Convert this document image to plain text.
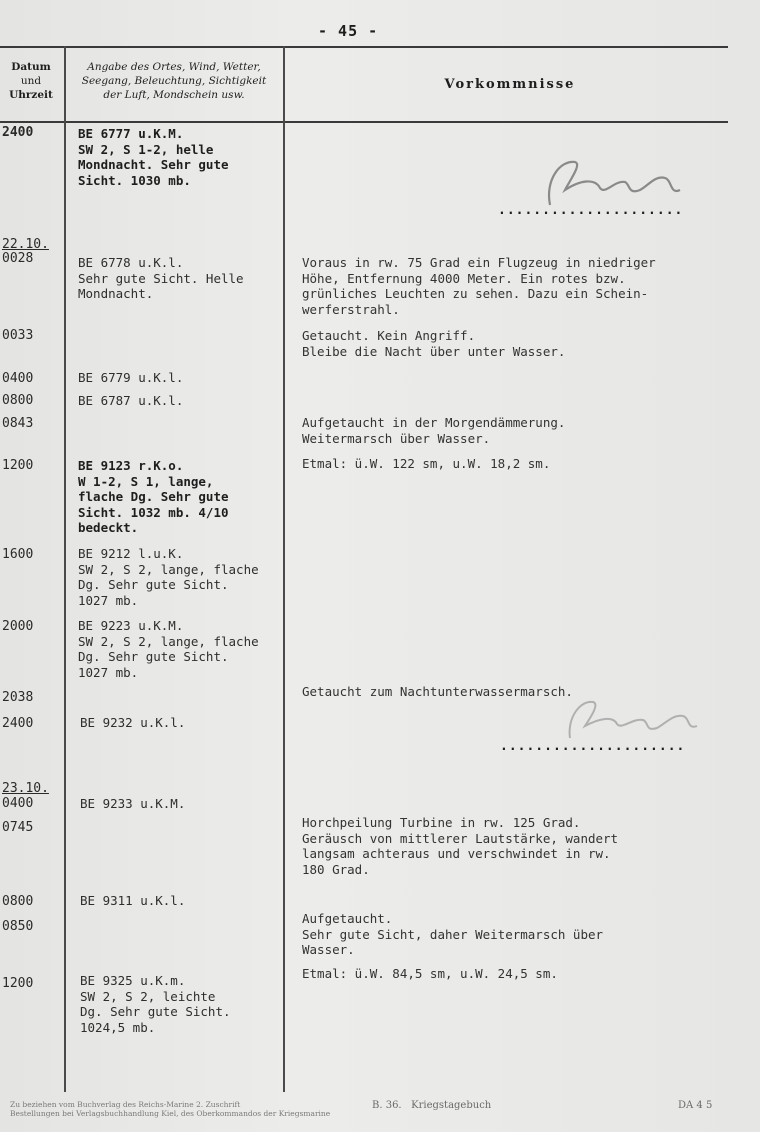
- 45 -
Datum
und
Uhrzeit
Angabe des Ortes, Wind, Wetter,
Seegang, Beleuchtung, Sichtigkeit
der Luft, Mondschein usw.
Vorkommnisse
22.10.
23.10.
2400
0028
0033
0400
0800
0843
1200
1600
2000
2038
2400
0400
0745
0800
0850
1200
BE 6777 u.K.M.
SW 2, S 1-2, helle
Mondnacht. Sehr gute
Sicht. 1030 mb.
BE 6778 u.K.l.
Sehr gute Sicht. Helle
Mondnacht.
BE 6779 u.K.l.
BE 6787 u.K.l.
BE 9123 r.K.o.
W 1-2, S 1, lange,
flache Dg. Sehr gute
Sicht. 1032 mb. 4/10
bedeckt.
BE 9212 l.u.K.
SW 2, S 2, lange, flache
Dg. Sehr gute Sicht.
1027 mb.
BE 9223 u.K.M.
SW 2, S 2, lange, flache
Dg. Sehr gute Sicht.
1027 mb.
BE 9232 u.K.l.
BE 9233 u.K.M.
BE 9311 u.K.l.
BE 9325 u.K.m.
SW 2, S 2, leichte
Dg. Sehr gute Sicht.
1024,5 mb.
Voraus in rw. 75 Grad ein Flugzeug in niedriger
Höhe, Entfernung 4000 Meter. Ein rotes bzw.
grünliches Leuchten zu sehen. Dazu ein Schein-
werferstrahl.
Getaucht. Kein Angriff.
Bleibe die Nacht über unter Wasser.
Aufgetaucht in der Morgendämmerung.
Weitermarsch über Wasser.
Etmal: ü.W. 122 sm, u.W. 18,2 sm.
Getaucht zum Nachtunterwassermarsch.
Horchpeilung Turbine in rw. 125 Grad.
Geräusch von mittlerer Lautstärke, wandert
langsam achteraus und verschwindet in rw.
180 Grad.
Aufgetaucht.
Sehr gute Sicht, daher Weitermarsch über
Wasser.
Etmal: ü.W. 84,5 sm, u.W. 24,5 sm.
.....................
.....................
Zu beziehen vom Buchverlag des Reichs-Marine 2. Zuschrift
Bestellungen bei Verlagsbuchhandlung Kiel, des Oberkommandos der Kriegsmarine
B. 36.   Kriegstagebuch	DA 4 5
